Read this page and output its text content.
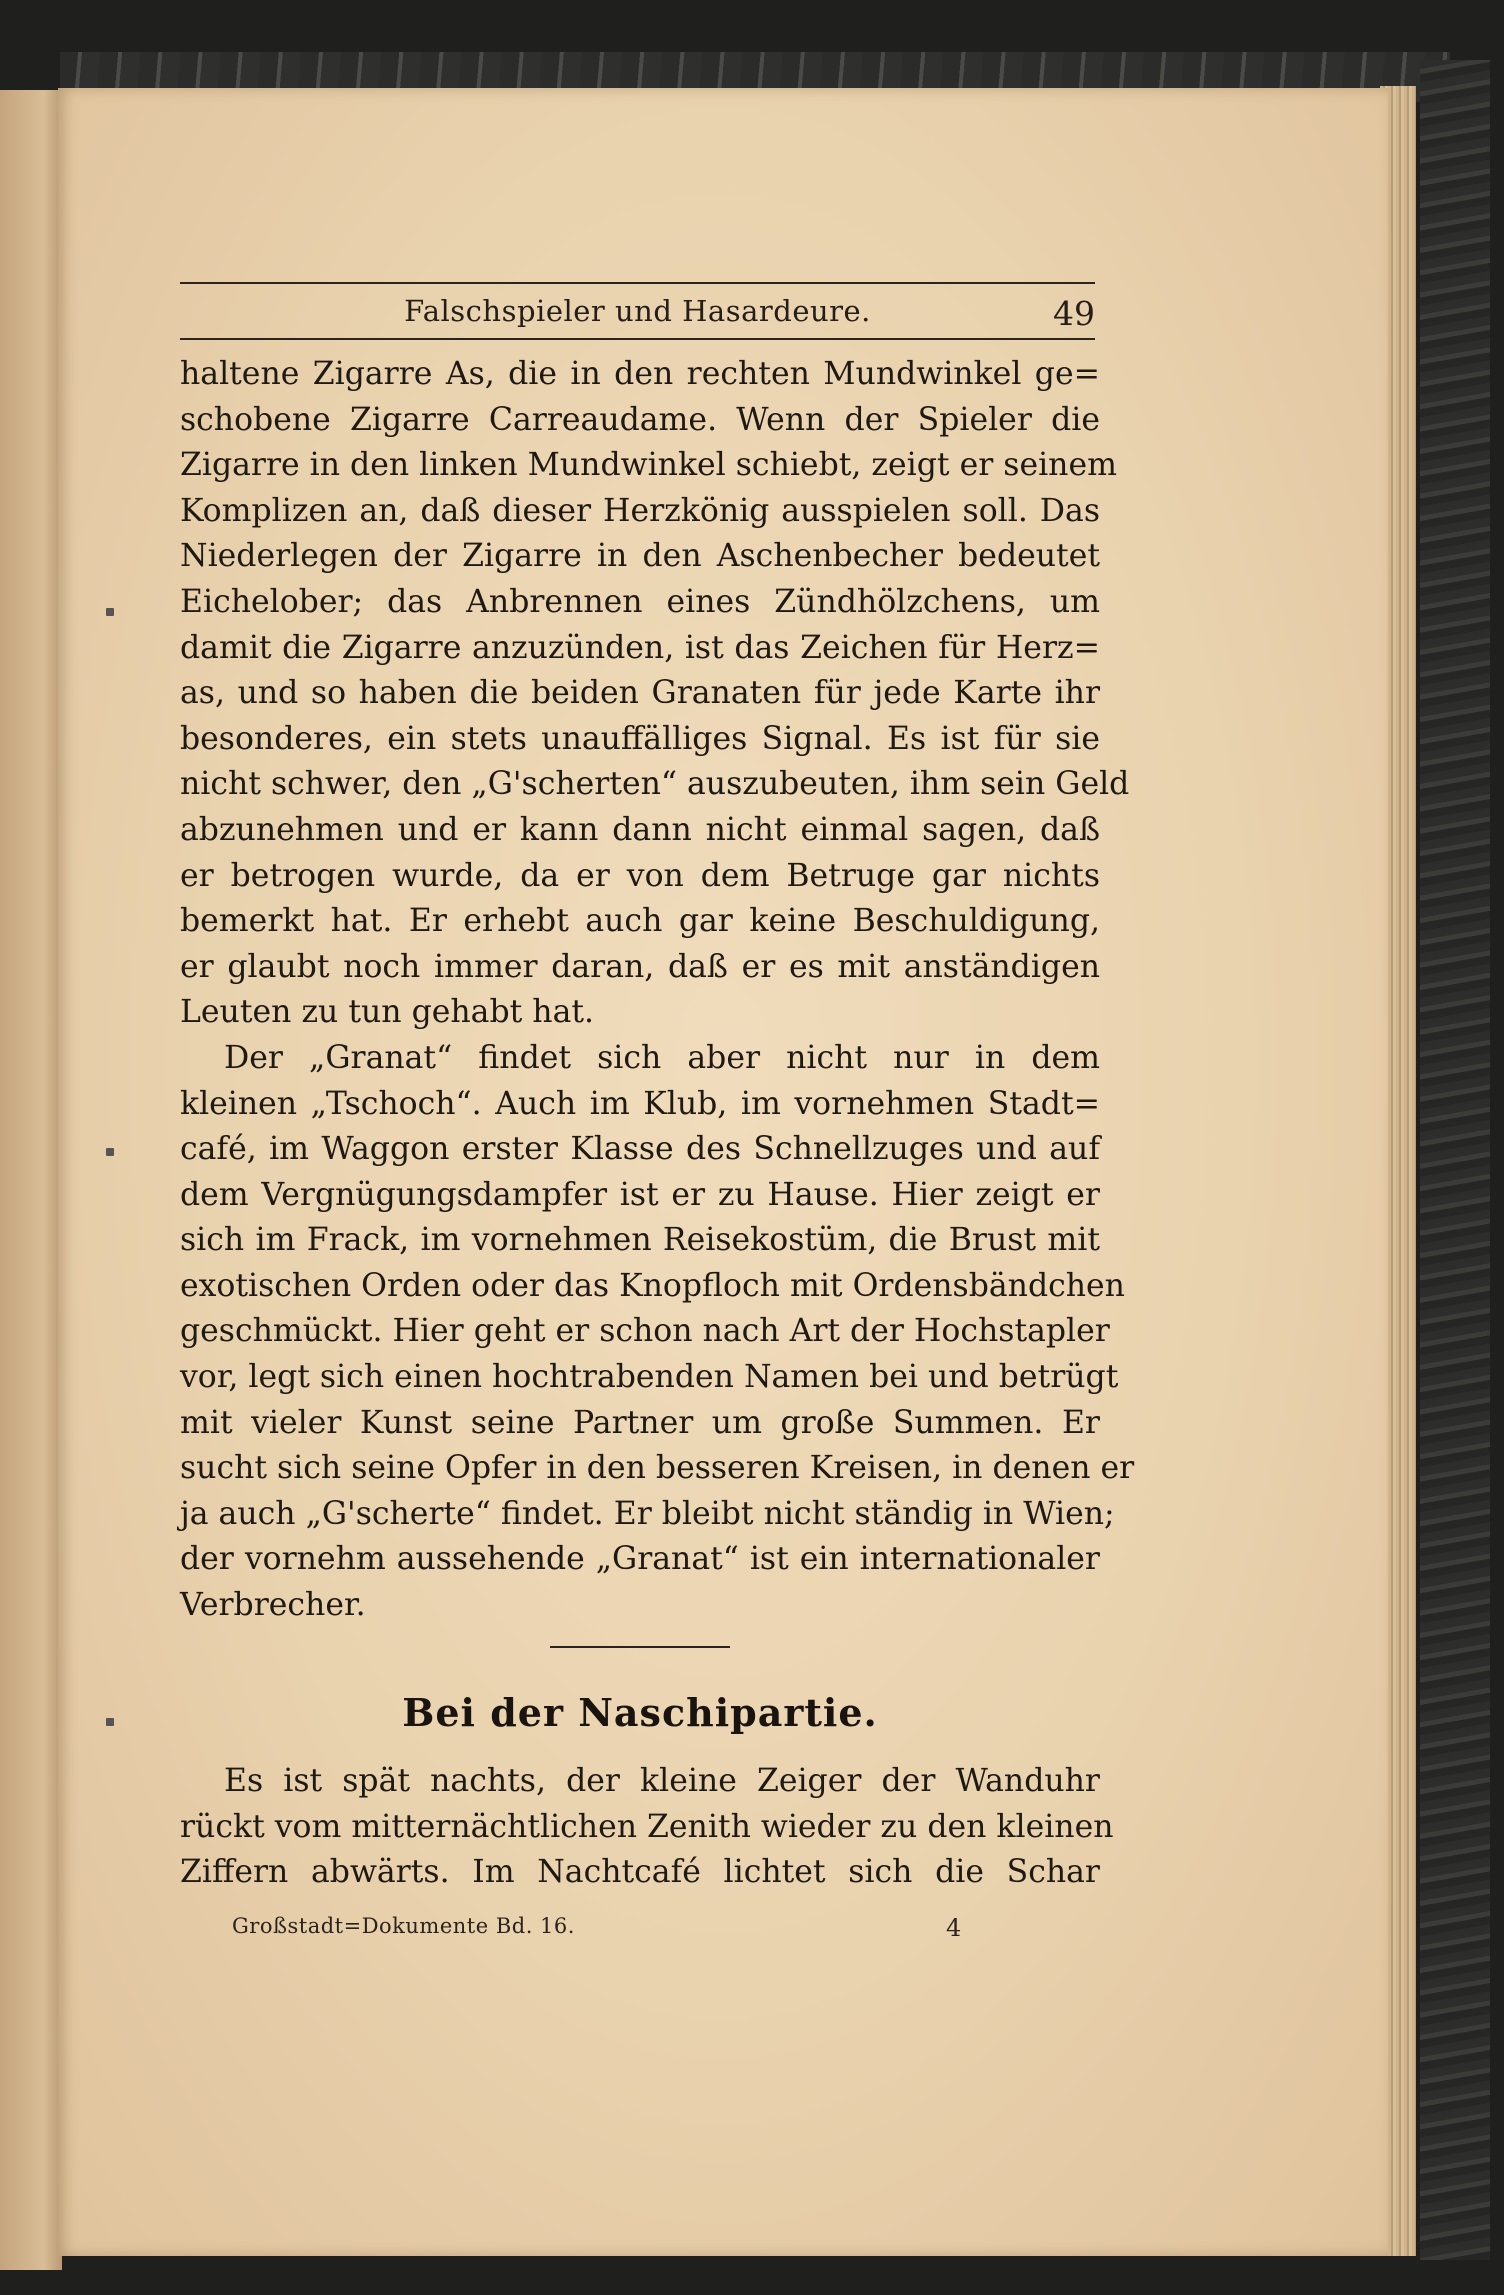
Falschspieler und Hasardeure.	49
haltene Zigarre As, die in den rechten Mundwinkel ge=
schobene Zigarre Carreaudame. Wenn der Spieler die
Zigarre in den linken Mundwinkel schiebt, zeigt er seinem
Komplizen an, daß dieser Herzkönig ausspielen soll. Das
Niederlegen der Zigarre in den Aschenbecher bedeutet
Eichelober; das Anbrennen eines Zündhölzchens, um
damit die Zigarre anzuzünden, ist das Zeichen für Herz=
as, und so haben die beiden Granaten für jede Karte ihr
besonderes, ein stets unauffälliges Signal. Es ist für sie
nicht schwer, den „G'scherten“ auszubeuten, ihm sein Geld
abzunehmen und er kann dann nicht einmal sagen, daß
er betrogen wurde, da er von dem Betruge gar nichts
bemerkt hat. Er erhebt auch gar keine Beschuldigung,
er glaubt noch immer daran, daß er es mit anständigen
Leuten zu tun gehabt hat.
Der „Granat“ findet sich aber nicht nur in dem
kleinen „Tschoch“. Auch im Klub, im vornehmen Stadt=
café, im Waggon erster Klasse des Schnellzuges und auf
dem Vergnügungsdampfer ist er zu Hause. Hier zeigt er
sich im Frack, im vornehmen Reisekostüm, die Brust mit
exotischen Orden oder das Knopfloch mit Ordensbändchen
geschmückt. Hier geht er schon nach Art der Hochstapler
vor, legt sich einen hochtrabenden Namen bei und betrügt
mit vieler Kunst seine Partner um große Summen. Er
sucht sich seine Opfer in den besseren Kreisen, in denen er
ja auch „G'scherte“ findet. Er bleibt nicht ständig in Wien;
der vornehm aussehende „Granat“ ist ein internationaler
Verbrecher.
Bei der Naschipartie.
Es ist spät nachts, der kleine Zeiger der Wanduhr
rückt vom mitternächtlichen Zenith wieder zu den kleinen
Ziffern abwärts. Im Nachtcafé lichtet sich die Schar
Großstadt=Dokumente Bd. 16.	4
